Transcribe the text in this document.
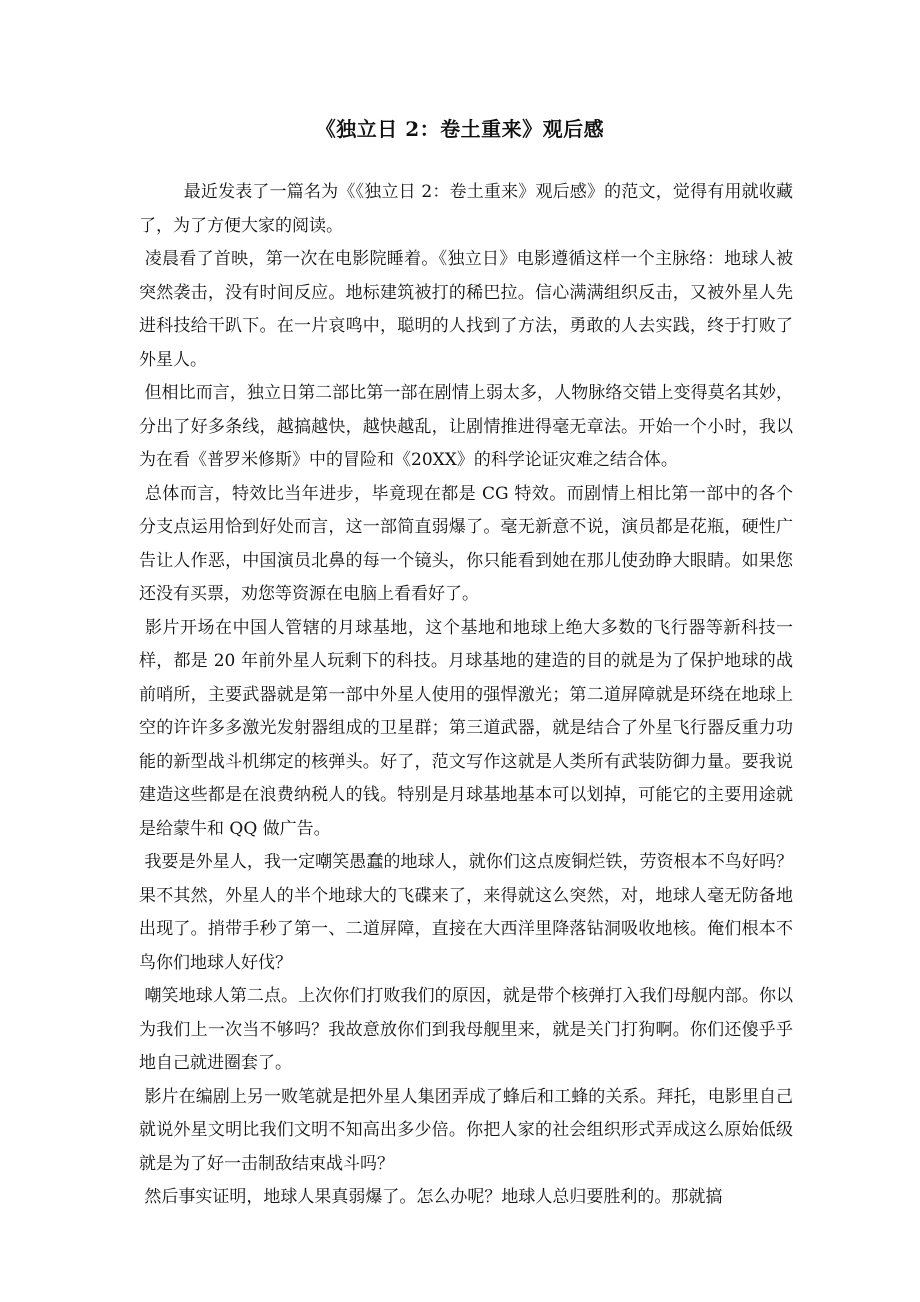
《独立日 2：卷土重来》观后感

最近发表了一篇名为《《独立日 2：卷土重来》观后感》的范文，觉得有用就收藏了，为了方便大家的阅读。

凌晨看了首映，第一次在电影院睡着。《独立日》电影遵循这样一个主脉络：地球人被突然袭击，没有时间反应。地标建筑被打的稀巴拉。信心满满组织反击，又被外星人先进科技给干趴下。在一片哀鸣中，聪明的人找到了方法，勇敢的人去实践，终于打败了外星人。

但相比而言，独立日第二部比第一部在剧情上弱太多，人物脉络交错上变得莫名其妙，分出了好多条线，越搞越快，越快越乱，让剧情推进得毫无章法。开始一个小时，我以为在看《普罗米修斯》中的冒险和《20XX》的科学论证灾难之结合体。

总体而言，特效比当年进步，毕竟现在都是 CG 特效。而剧情上相比第一部中的各个分支点运用恰到好处而言，这一部简直弱爆了。毫无新意不说，演员都是花瓶，硬性广告让人作恶，中国演员北鼻的每一个镜头，你只能看到她在那儿使劲睁大眼睛。如果您还没有买票，劝您等资源在电脑上看看好了。

影片开场在中国人管辖的月球基地，这个基地和地球上绝大多数的飞行器等新科技一样，都是 20 年前外星人玩剩下的科技。月球基地的建造的目的就是为了保护地球的战前哨所，主要武器就是第一部中外星人使用的强悍激光；第二道屏障就是环绕在地球上空的许许多多激光发射器组成的卫星群；第三道武器，就是结合了外星飞行器反重力功能的新型战斗机绑定的核弹头。好了，范文写作这就是人类所有武装防御力量。要我说建造这些都是在浪费纳税人的钱。特别是月球基地基本可以划掉，可能它的主要用途就是给蒙牛和 QQ 做广告。

我要是外星人，我一定嘲笑愚蠢的地球人，就你们这点废铜烂铁，劳资根本不鸟好吗？果不其然，外星人的半个地球大的飞碟来了，来得就这么突然，对，地球人毫无防备地出现了。捎带手秒了第一、二道屏障，直接在大西洋里降落钻洞吸收地核。俺们根本不鸟你们地球人好伐？

嘲笑地球人第二点。上次你们打败我们的原因，就是带个核弹打入我们母舰内部。你以为我们上一次当不够吗？我故意放你们到我母舰里来，就是关门打狗啊。你们还傻乎乎地自己就进圈套了。

影片在编剧上另一败笔就是把外星人集团弄成了蜂后和工蜂的关系。拜托，电影里自己就说外星文明比我们文明不知高出多少倍。你把人家的社会组织形式弄成这么原始低级就是为了好一击制敌结束战斗吗？

然后事实证明，地球人果真弱爆了。怎么办呢？地球人总归要胜利的。那就搞
